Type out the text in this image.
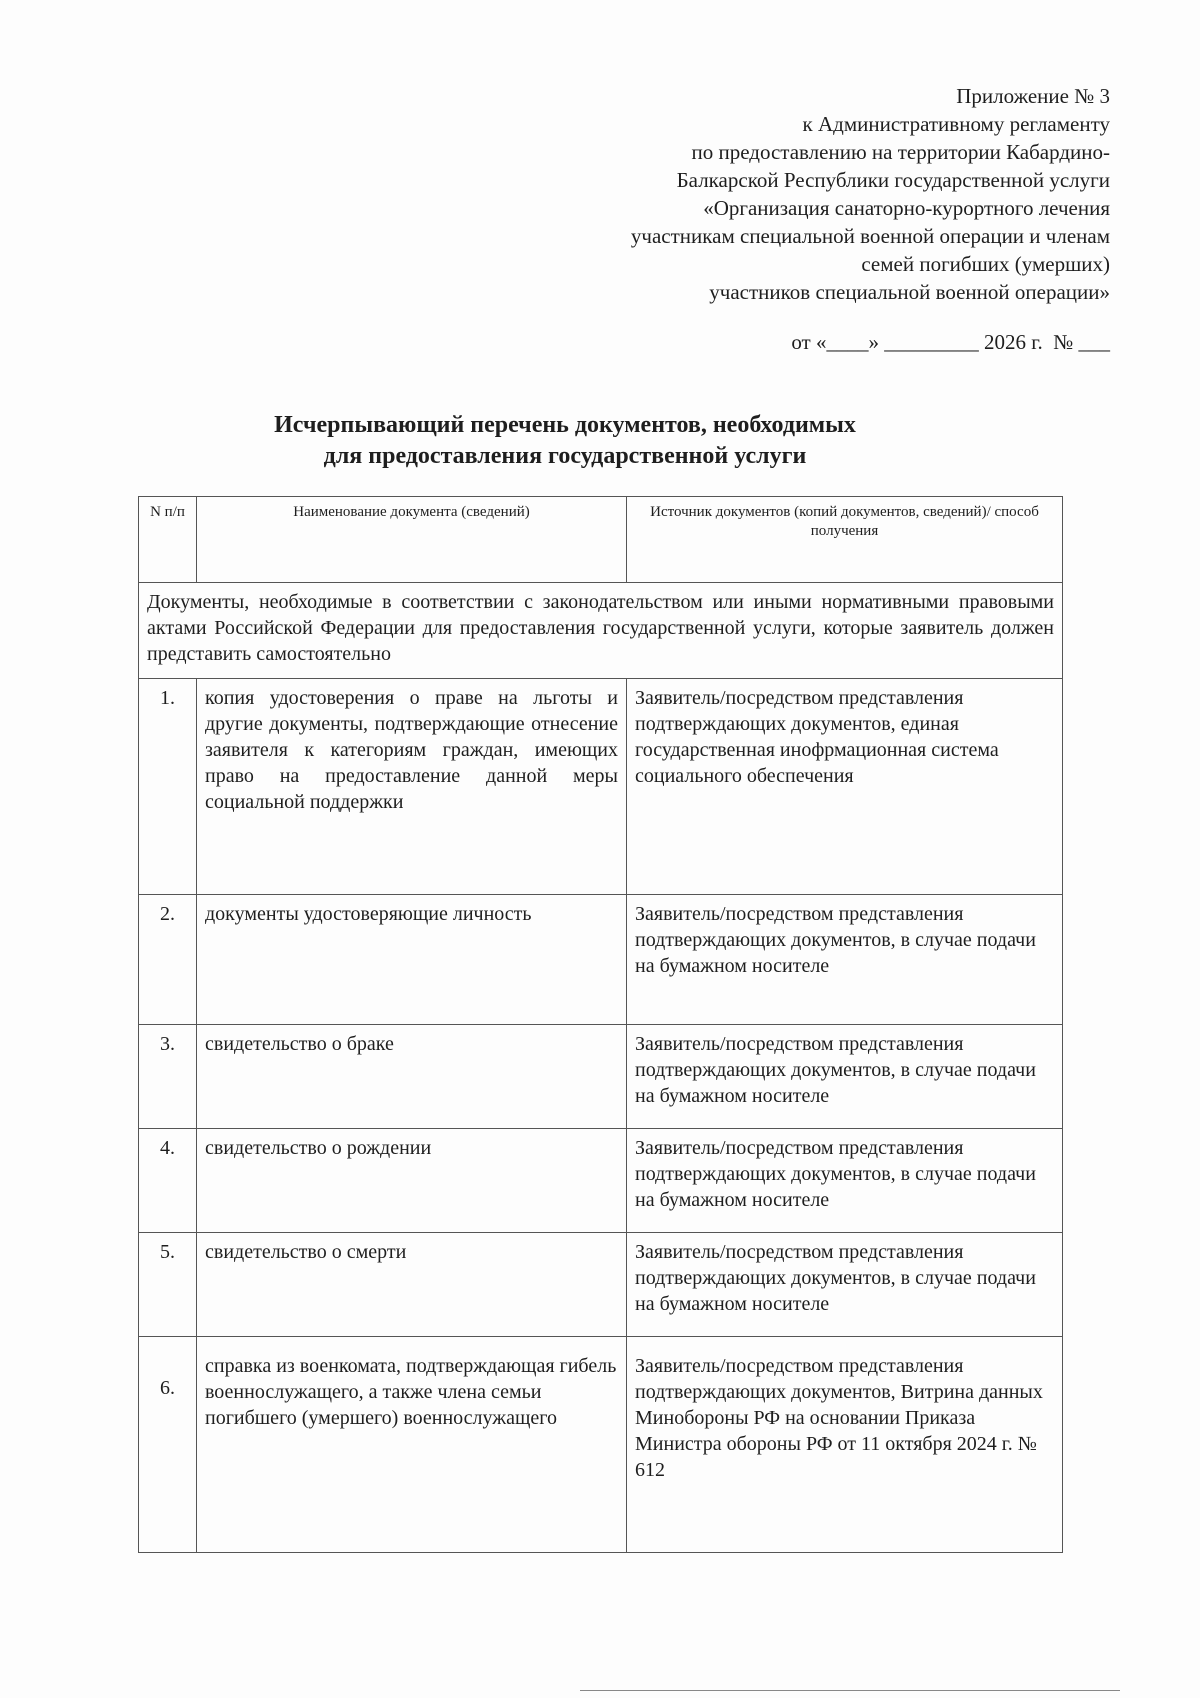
Приложение № 3
к Административному регламенту
по предоставлению на территории Кабардино-
Балкарской Республики государственной услуги
«Организация санаторно-курортного лечения
участникам специальной военной операции и членам
семей погибших (умерших)
участников специальной военной операции»
от «____» _________ 2026 г.  № ___
Исчерпывающий перечень документов, необходимых
для предоставления государственной услуги
N п/п	Наименование документа (сведений)	Источник документов (копий документов, сведений)/ способ получения
Документы, необходимые в соответствии с законодательством или иными нормативными правовыми актами Российской Федерации для предоставления государственной услуги, которые заявитель должен представить самостоятельно		
1.	копия удостоверения о праве на льготы и другие документы, подтверждающие отнесение заявителя к категориям граждан, имеющих право на предоставление данной меры социальной поддержки	Заявитель/посредством представления подтверждающих документов, единая государственная инофрмационная система социального обеспечения
2.	документы удостоверяющие личность	Заявитель/посредством представления подтверждающих документов, в случае подачи на бумажном носителе
3.	свидетельство о браке	Заявитель/посредством представления подтверждающих документов, в случае подачи на бумажном носителе
4.	свидетельство о рождении	Заявитель/посредством представления подтверждающих документов, в случае подачи на бумажном носителе
5.	свидетельство о смерти	Заявитель/посредством представления подтверждающих документов, в случае подачи на бумажном носителе
6.	справка из военкомата, подтверждающая гибель военнослужащего, а также члена семьи погибшего (умершего) военнослужащего	Заявитель/посредством представления подтверждающих документов, Витрина данных Минобороны РФ на основании Приказа Министра обороны РФ от 11 октября 2024 г. № 612
